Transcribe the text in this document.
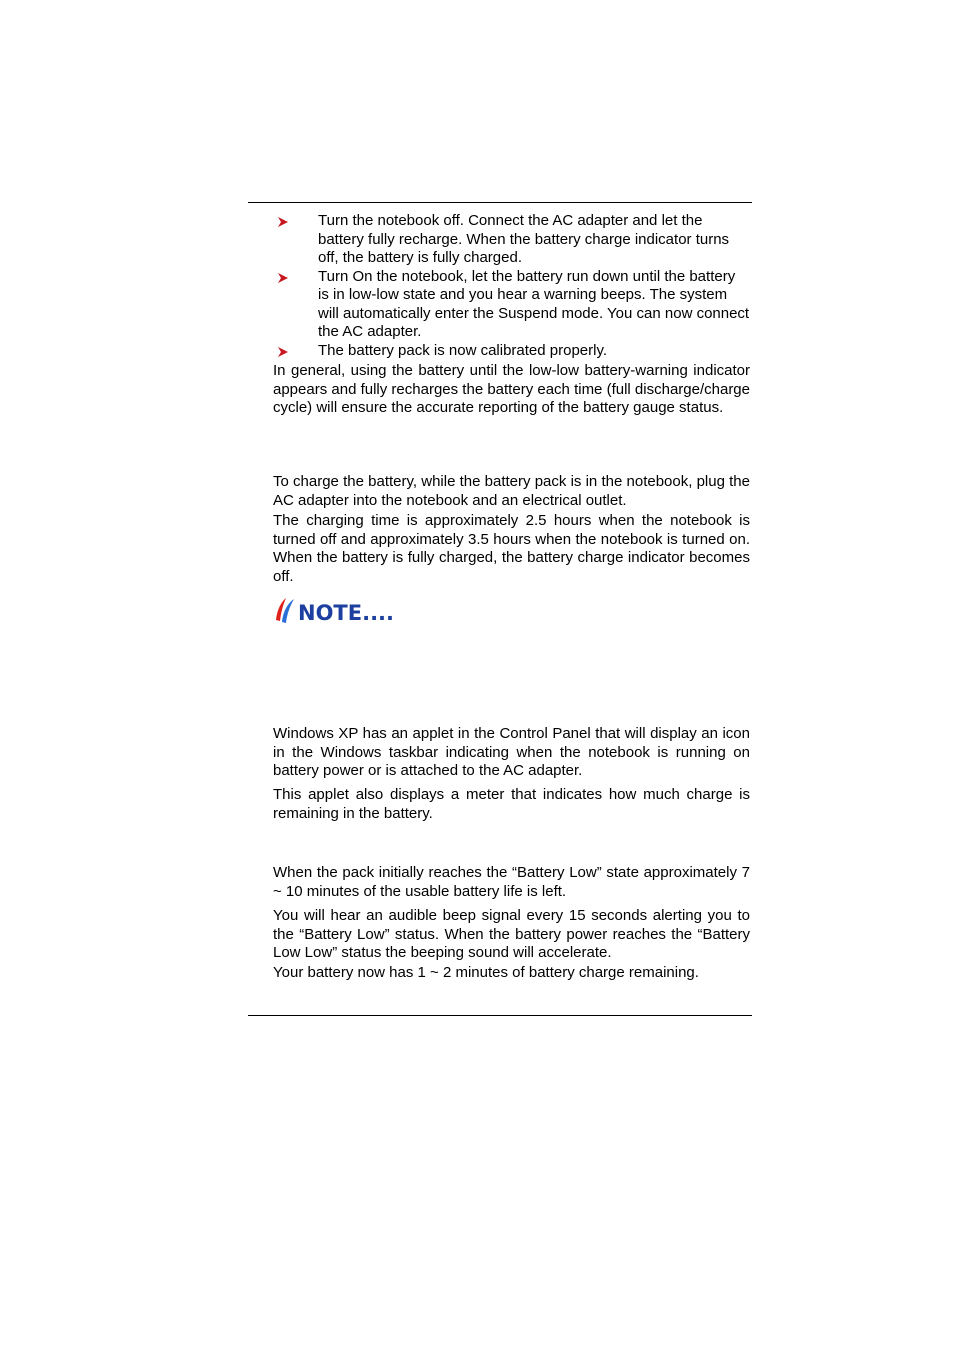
Turn the notebook off. Connect the AC adapter and let the battery fully recharge. When the battery charge indicator turns off, the battery is fully charged.
Turn On the notebook, let the battery run down until the battery is in low-low state and you hear a warning beeps. The system will automatically enter the Suspend mode. You can now connect the AC adapter.
The battery pack is now calibrated properly.

In general, using the battery until the low-low battery-warning indicator appears and fully recharges the battery each time (full discharge/charge cycle) will ensure the accurate reporting of the battery gauge status.

To charge the battery, while the battery pack is in the notebook, plug the AC adapter into the notebook and an electrical outlet.

The charging time is approximately 2.5 hours when the notebook is turned off and approximately 3.5 hours when the notebook is turned on. When the battery is fully charged, the battery charge indicator becomes off.

NOTE....

Windows XP has an applet in the Control Panel that will display an icon in the Windows taskbar indicating when the notebook is running on battery power or is attached to the AC adapter.

This applet also displays a meter that indicates how much charge is remaining in the battery.

When the pack initially reaches the “Battery Low” state approximately 7 ~ 10 minutes of the usable battery life is left.

You will hear an audible beep signal every 15 seconds alerting you to the “Battery Low” status. When the battery power reaches the “Battery Low Low” status the beeping sound will accelerate.

Your battery now has 1 ~ 2 minutes of battery charge remaining.
